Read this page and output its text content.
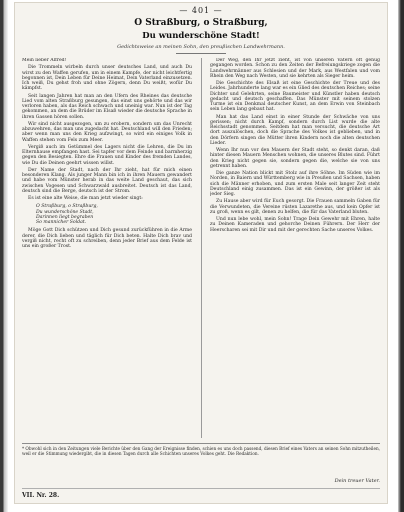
— 401 —
O Straßburg, o Straßburg,
Du wunderschöne Stadt!
Gedichtsweise an meinen Sohn, den preußischen Landwehrmann.

Mein lieber Alfred!

Die Trommeln wirbeln durch unser deutsches Land, und auch Du wirst zu den Waffen gerufen, um in einem Kampfe, der nicht leichtfertig begonnen ist, Dein Leben für Deine Heimat, Dein Vaterland einzusetzen. Ich weiß, Du gehst froh und ohne Zögern, denn Du weißt, wofür Du kämpfst.

Seit langen Jahren hat man an den Ufern des Rheines das deutsche Lied vom alten Straßburg gesungen, das einst uns gehörte und das wir verloren haben, als das Reich schwach und uneinig war. Nun ist der Tag gekommen, an dem die Brüder im Elsaß wieder die deutsche Sprache in ihren Gassen hören sollen.

Wir sind nicht ausgezogen, um zu erobern, sondern um das Unrecht abzuwehren, das man uns zugedacht hat. Deutschland will den Frieden; aber wenn man uns den Krieg aufzwingt, so wird ein einiges Volk in Waffen stehen vom Fels zum Meer.

Vergiß auch im Getümmel des Lagers nicht die Lehren, die Du im Elternhause empfangen hast. Sei tapfer vor dem Feinde und barmherzig gegen den Besiegten. Ehre die Frauen und Kinder des fremden Landes, wie Du die Deinen geehrt wissen willst.

Der Name der Stadt, nach der Ihr zieht, hat für mich einen besonderen Klang. Als junger Mann bin ich in ihren Mauern gewandert und habe vom Münster herab in das weite Land geschaut, das sich zwischen Vogesen und Schwarzwald ausbreitet. Deutsch ist das Land, deutsch sind die Berge, deutsch ist der Strom.

Es ist eine alte Weise, die man jetzt wieder singt:

O Straßburg, o Straßburg,
Du wunderschöne Stadt,
Darinnen liegt begraben
So mannicher Soldat.

Möge Gott Dich schützen und Dich gesund zurückführen in die Arme derer, die Dich lieben und täglich für Dich beten. Halte Dich brav und vergiß nicht, recht oft zu schreiben, denn jeder Brief aus dem Felde ist uns ein großer Trost.

Der Weg, den Ihr jetzt zieht, ist von unseren Vätern oft genug gegangen worden. Schon zu den Zeiten der Befreiungskriege zogen die Landwehrmänner aus Schlesien und der Mark, aus Westfalen und vom Rhein den Weg nach Westen, und sie kehrten als Sieger heim.

Die Geschichte des Elsaß ist eine Geschichte der Treue und des Leides. Jahrhunderte lang war es ein Glied des deutschen Reiches; seine Dichter und Gelehrten, seine Baumeister und Künstler haben deutsch gedacht und deutsch geschaffen. Das Münster mit seinem stolzen Turme ist ein Denkmal deutscher Kunst, an dem Erwin von Steinbach sein Leben lang gebaut hat.

Man hat das Land einst in einer Stunde der Schwäche von uns gerissen; nicht durch Kampf, sondern durch List wurde die alte Reichsstadt genommen. Seitdem hat man versucht, die deutsche Art dort auszulöschen, doch die Sprache des Volkes ist geblieben, und in den Dörfern singen die Mütter ihren Kindern noch die alten deutschen Lieder.

Wenn Ihr nun vor den Mauern der Stadt steht, so denkt daran, daß hinter diesen Mauern Menschen wohnen, die unseres Blutes sind. Führt den Krieg nicht gegen sie, sondern gegen die, welche sie von uns getrennt haben.

Die ganze Nation blickt mit Stolz auf ihre Söhne. Im Süden wie im Norden, in Baiern und Württemberg wie in Preußen und Sachsen, haben sich die Männer erhoben, und zum ersten Male seit langer Zeit steht Deutschland einig zusammen. Das ist ein Gewinn, der größer ist als jeder Sieg.

Zu Hause aber wird für Euch gesorgt. Die Frauen sammeln Gaben für die Verwundeten, die Vereine rüsten Lazarethe aus, und kein Opfer ist zu groß, wenn es gilt, denen zu helfen, die für das Vaterland bluten.

Und nun lebe wohl, mein Sohn! Trage Dein Gewehr mit Ehren, halte zu Deinen Kameraden und gehorche Deinen Führern. Der Herr der Heerscharen sei mit Dir und mit der gerechten Sache unseres Volkes.

* Obwohl sich in den Zeitungen viele Berichte über den Gang der Ereignisse finden, schien es uns doch passend, diesen Brief eines Vaters an seinen Sohn mitzutheilen, weil er die Stimmung wiedergibt, die in diesen Tagen durch alle Schichten unseres Volkes geht. Die Redaktion.
Dein treuer Vater.
VII. Nr. 28.
